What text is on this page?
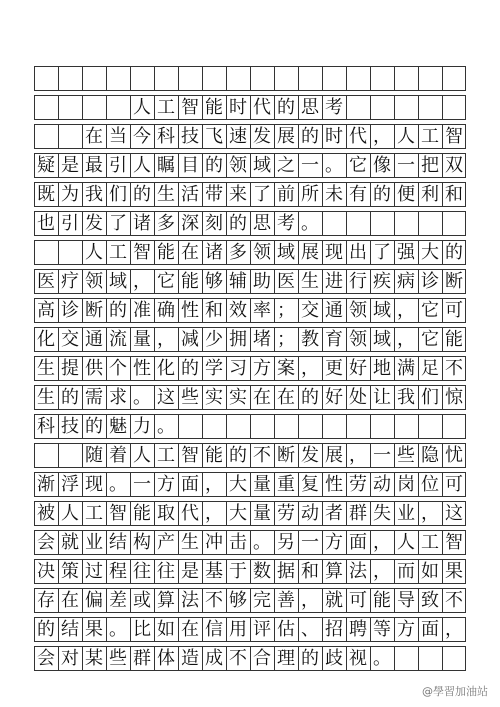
人 工 智 能 时 代 的 思 考
在 当 今 科 技 飞 速 发 展 的 时 代 ， 人 工 智
疑 是 最 引 人 瞩 目 的 领 域 之 一 。 它 像 一 把 双
既 为 我 们 的 生 活 带 来 了 前 所 未 有 的 便 利 和
也 引 发 了 诸 多 深 刻 的 思 考 。
人 工 智 能 在 诸 多 领 域 展 现 出 了 强 大 的
医 疗 领 域 ， 它 能 够 辅 助 医 生 进 行 疾 病 诊 断
高 诊 断 的 准 确 性 和 效 率 ； 交 通 领 域 ， 它 可
化 交 通 流 量 ， 减 少 拥 堵 ； 教 育 领 域 ， 它 能
生 提 供 个 性 化 的 学 习 方 案 ， 更 好 地 满 足 不
生 的 需 求 。 这 些 实 实 在 在 的 好 处 让 我 们 惊
科 技 的 魅 力 。
随 着 人 工 智 能 的 不 断 发 展 ， 一 些 隐 忧
渐 浮 现 。 一 方 面 ， 大 量 重 复 性 劳 动 岗 位 可
被 人 工 智 能 取 代 ， 大 量 劳 动 者 群 失 业 ， 这
会 就 业 结 构 产 生 冲 击 。 另 一 方 面 ， 人 工 智
决 策 过 程 往 往 是 基 于 数 据 和 算 法 ， 而 如 果
存 在 偏 差 或 算 法 不 够 完 善 ， 就 可 能 导 致 不
的 结 果 。 比 如 在 信 用 评 估 、 招 聘 等 方 面 ，
会 对 某 些 群 体 造 成 不 合 理 的 歧 视 。
@學習加油站
